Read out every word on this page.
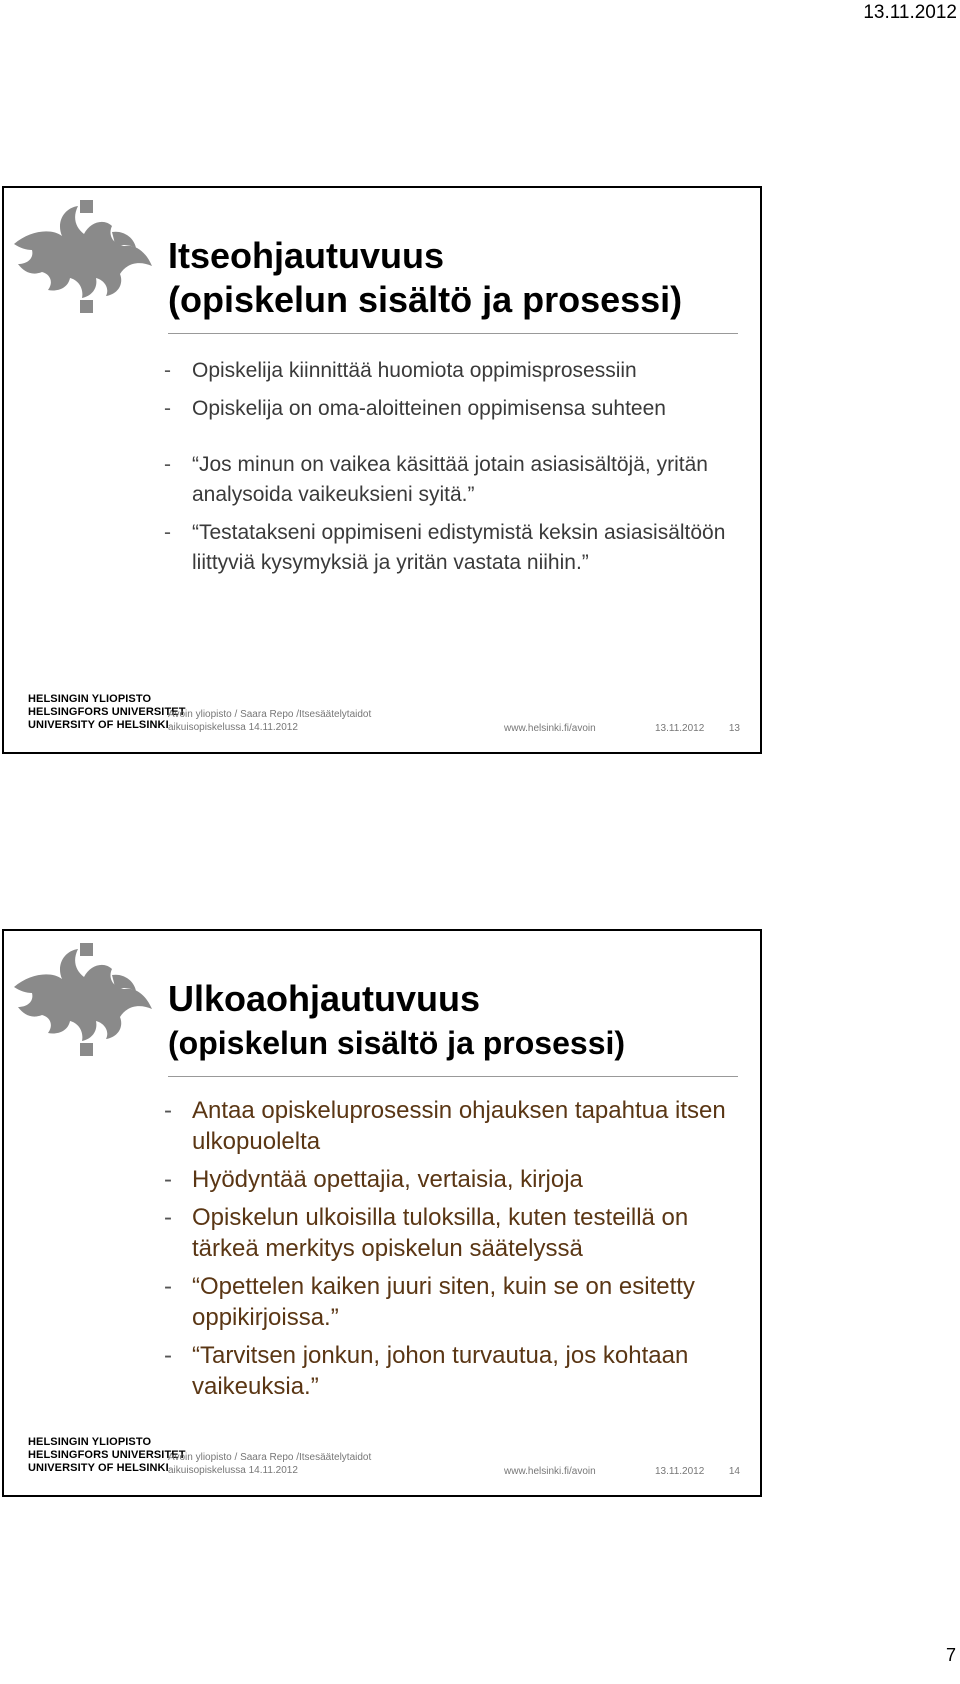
13.11.2012
Itseohjautuvuus
(opiskelun sisältö ja prosessi)
- Opiskelija kiinnittää huomiota oppimisprosessiin
- Opiskelija on oma-aloitteinen oppimisensa suhteen
- “Jos minun on vaikea käsittää jotain asiasisältöjä, yritän analysoida vaikeuksieni syitä.”
- “Testatakseni oppimiseni edistymistä keksin asiasisältöön liittyviä kysymyksiä ja yritän vastata niihin.”
HELSINGIN YLIOPISTO
HELSINGFORS UNIVERSITET
UNIVERSITY OF HELSINKI
Avoin yliopisto / Saara Repo /Itsesäätelytaidot
aikuisopiskelussa 14.11.2012	www.helsinki.fi/avoin	13.11.2012 13
Ulkoaohjautuvuus
(opiskelun sisältö ja prosessi)
- Antaa opiskeluprosessin ohjauksen tapahtua itsen ulkopuolelta
- Hyödyntää opettajia, vertaisia, kirjoja
- Opiskelun ulkoisilla tuloksilla, kuten testeillä on tärkeä merkitys opiskelun säätelyssä
- “Opettelen kaiken juuri siten, kuin se on esitetty oppikirjoissa.”
- “Tarvitsen jonkun, johon turvautua, jos kohtaan vaikeuksia.”
HELSINGIN YLIOPISTO
HELSINGFORS UNIVERSITET
UNIVERSITY OF HELSINKI
Avoin yliopisto / Saara Repo /Itsesäätelytaidot
aikuisopiskelussa 14.11.2012	www.helsinki.fi/avoin	13.11.2012 14
7
